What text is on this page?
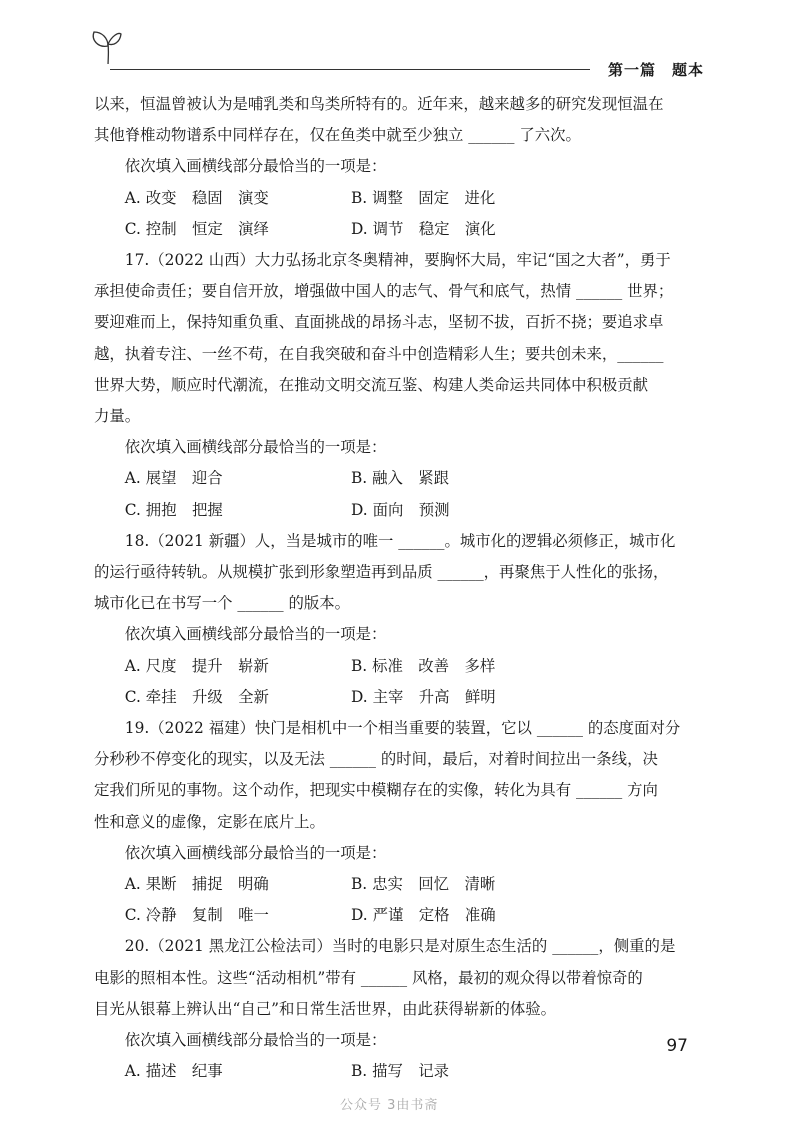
第一篇　题本

以来，恒温曾被认为是哺乳类和鸟类所特有的。近年来，越来越多的研究发现恒温在

其他脊椎动物谱系中同样存在，仅在鱼类中就至少独立 ______ 了六次。

依次填入画横线部分最恰当的一项是：

A. 改变　稳固　演变	B. 调整　固定　进化
C. 控制　恒定　演绎	D. 调节　稳定　演化

17.（2022 山西）大力弘扬北京冬奥精神，要胸怀大局，牢记“国之大者”，勇于

承担使命责任；要自信开放，增强做中国人的志气、骨气和底气，热情 ______ 世界；

要迎难而上，保持知重负重、直面挑战的昂扬斗志，坚韧不拔，百折不挠；要追求卓

越，执着专注、一丝不苟，在自我突破和奋斗中创造精彩人生；要共创未来，______

世界大势，顺应时代潮流，在推动文明交流互鉴、构建人类命运共同体中积极贡献

力量。

依次填入画横线部分最恰当的一项是：

A. 展望　迎合	B. 融入　紧跟
C. 拥抱　把握	D. 面向　预测

18.（2021 新疆）人，当是城市的唯一 ______。城市化的逻辑必须修正，城市化

的运行亟待转轨。从规模扩张到形象塑造再到品质 ______，再聚焦于人性化的张扬，

城市化已在书写一个 ______ 的版本。

依次填入画横线部分最恰当的一项是：

A. 尺度　提升　崭新	B. 标准　改善　多样
C. 牵挂　升级　全新	D. 主宰　升高　鲜明

19.（2022 福建）快门是相机中一个相当重要的装置，它以 ______ 的态度面对分

分秒秒不停变化的现实，以及无法 ______ 的时间，最后，对着时间拉出一条线，决

定我们所见的事物。这个动作，把现实中模糊存在的实像，转化为具有 ______ 方向

性和意义的虚像，定影在底片上。

依次填入画横线部分最恰当的一项是：

A. 果断　捕捉　明确	B. 忠实　回忆　清晰
C. 冷静　复制　唯一	D. 严谨　定格　准确

20.（2021 黑龙江公检法司）当时的电影只是对原生态生活的 ______，侧重的是

电影的照相本性。这些“活动相机”带有 ______ 风格，最初的观众得以带着惊奇的

目光从银幕上辨认出“自己”和日常生活世界，由此获得崭新的体验。

依次填入画横线部分最恰当的一项是：

A. 描述　纪事	B. 描写　记录
97
公众号 3由书斋
